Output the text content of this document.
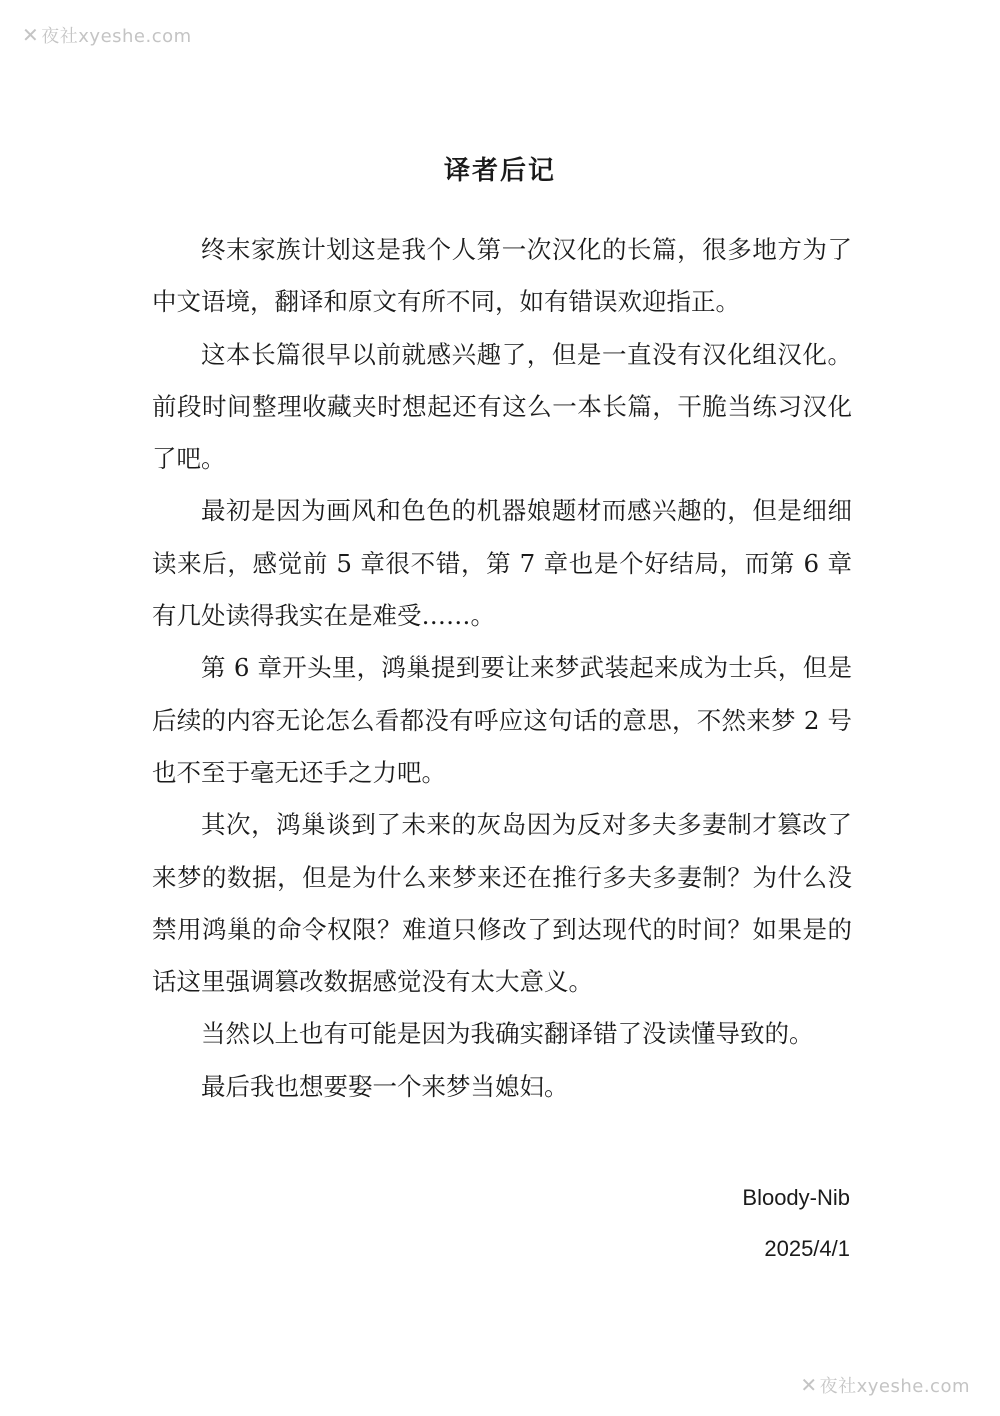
✕ 夜社xyeshe.com
译者后记

终末家族计划这是我个人第一次汉化的长篇，很多地方为了中文语境，翻译和原文有所不同，如有错误欢迎指正。

这本长篇很早以前就感兴趣了，但是一直没有汉化组汉化。前段时间整理收藏夹时想起还有这么一本长篇，干脆当练习汉化了吧。

最初是因为画风和色色的机器娘题材而感兴趣的，但是细细读来后，感觉前 5 章很不错，第 7 章也是个好结局，而第 6 章有几处读得我实在是难受……。

第 6 章开头里，鸿巢提到要让来梦武装起来成为士兵，但是后续的内容无论怎么看都没有呼应这句话的意思，不然来梦 2 号也不至于毫无还手之力吧。

其次，鸿巢谈到了未来的灰岛因为反对多夫多妻制才篡改了来梦的数据，但是为什么来梦来还在推行多夫多妻制？为什么没禁用鸿巢的命令权限？难道只修改了到达现代的时间？如果是的话这里强调篡改数据感觉没有太大意义。

当然以上也有可能是因为我确实翻译错了没读懂导致的。

最后我也想要娶一个来梦当媳妇。

Bloody-Nib
2025/4/1
✕ 夜社xyeshe.com
